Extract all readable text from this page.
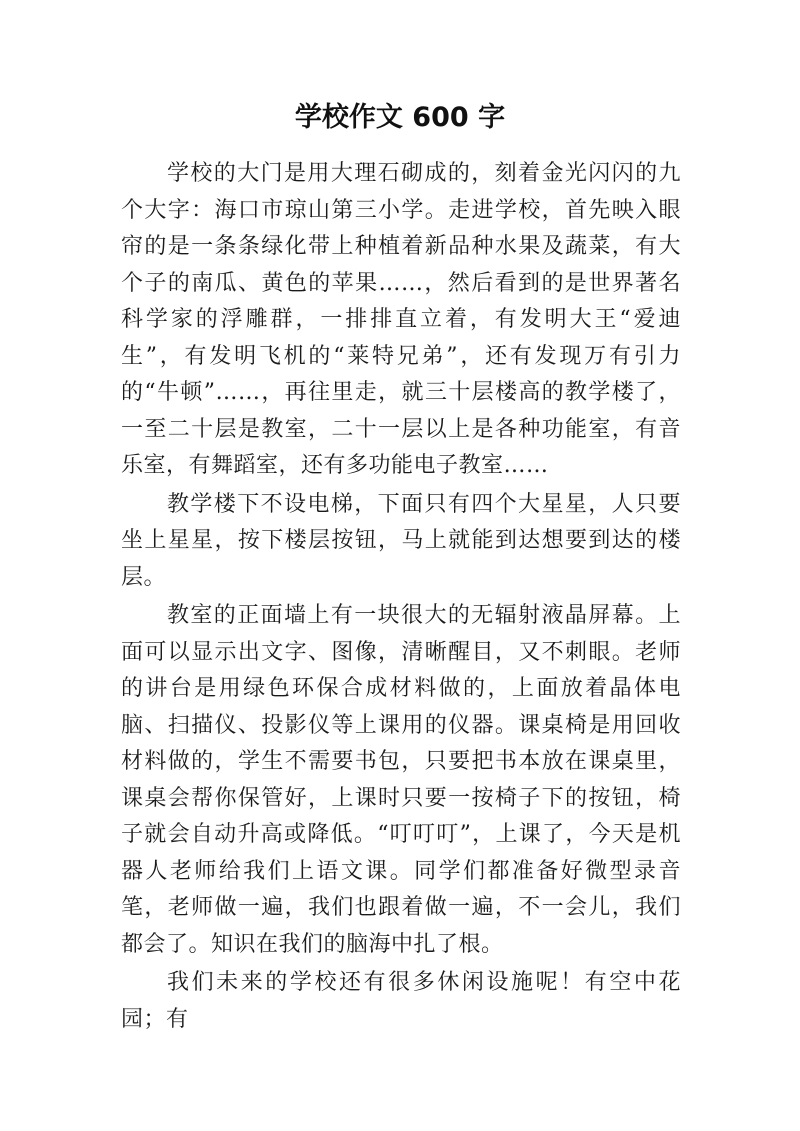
学校作文 600 字

学校的大门是用大理石砌成的，刻着金光闪闪的九个大字：海口市琼山第三小学。走进学校，首先映入眼帘的是一条条绿化带上种植着新品种水果及蔬菜，有大个子的南瓜、黄色的苹果……，然后看到的是世界著名科学家的浮雕群，一排排直立着，有发明大王“爱迪生”，有发明飞机的“莱特兄弟”，还有发现万有引力的“牛顿”……，再往里走，就三十层楼高的教学楼了，一至二十层是教室，二十一层以上是各种功能室，有音乐室，有舞蹈室，还有多功能电子教室……

教学楼下不设电梯，下面只有四个大星星，人只要坐上星星，按下楼层按钮，马上就能到达想要到达的楼层。

教室的正面墙上有一块很大的无辐射液晶屏幕。上面可以显示出文字、图像，清晰醒目，又不刺眼。老师的讲台是用绿色环保合成材料做的，上面放着晶体电脑、扫描仪、投影仪等上课用的仪器。课桌椅是用回收材料做的，学生不需要书包，只要把书本放在课桌里，课桌会帮你保管好，上课时只要一按椅子下的按钮，椅子就会自动升高或降低。“叮叮叮”，上课了，今天是机器人老师给我们上语文课。同学们都准备好微型录音笔，老师做一遍，我们也跟着做一遍，不一会儿，我们都会了。知识在我们的脑海中扎了根。

我们未来的学校还有很多休闲设施呢！有空中花园；有
